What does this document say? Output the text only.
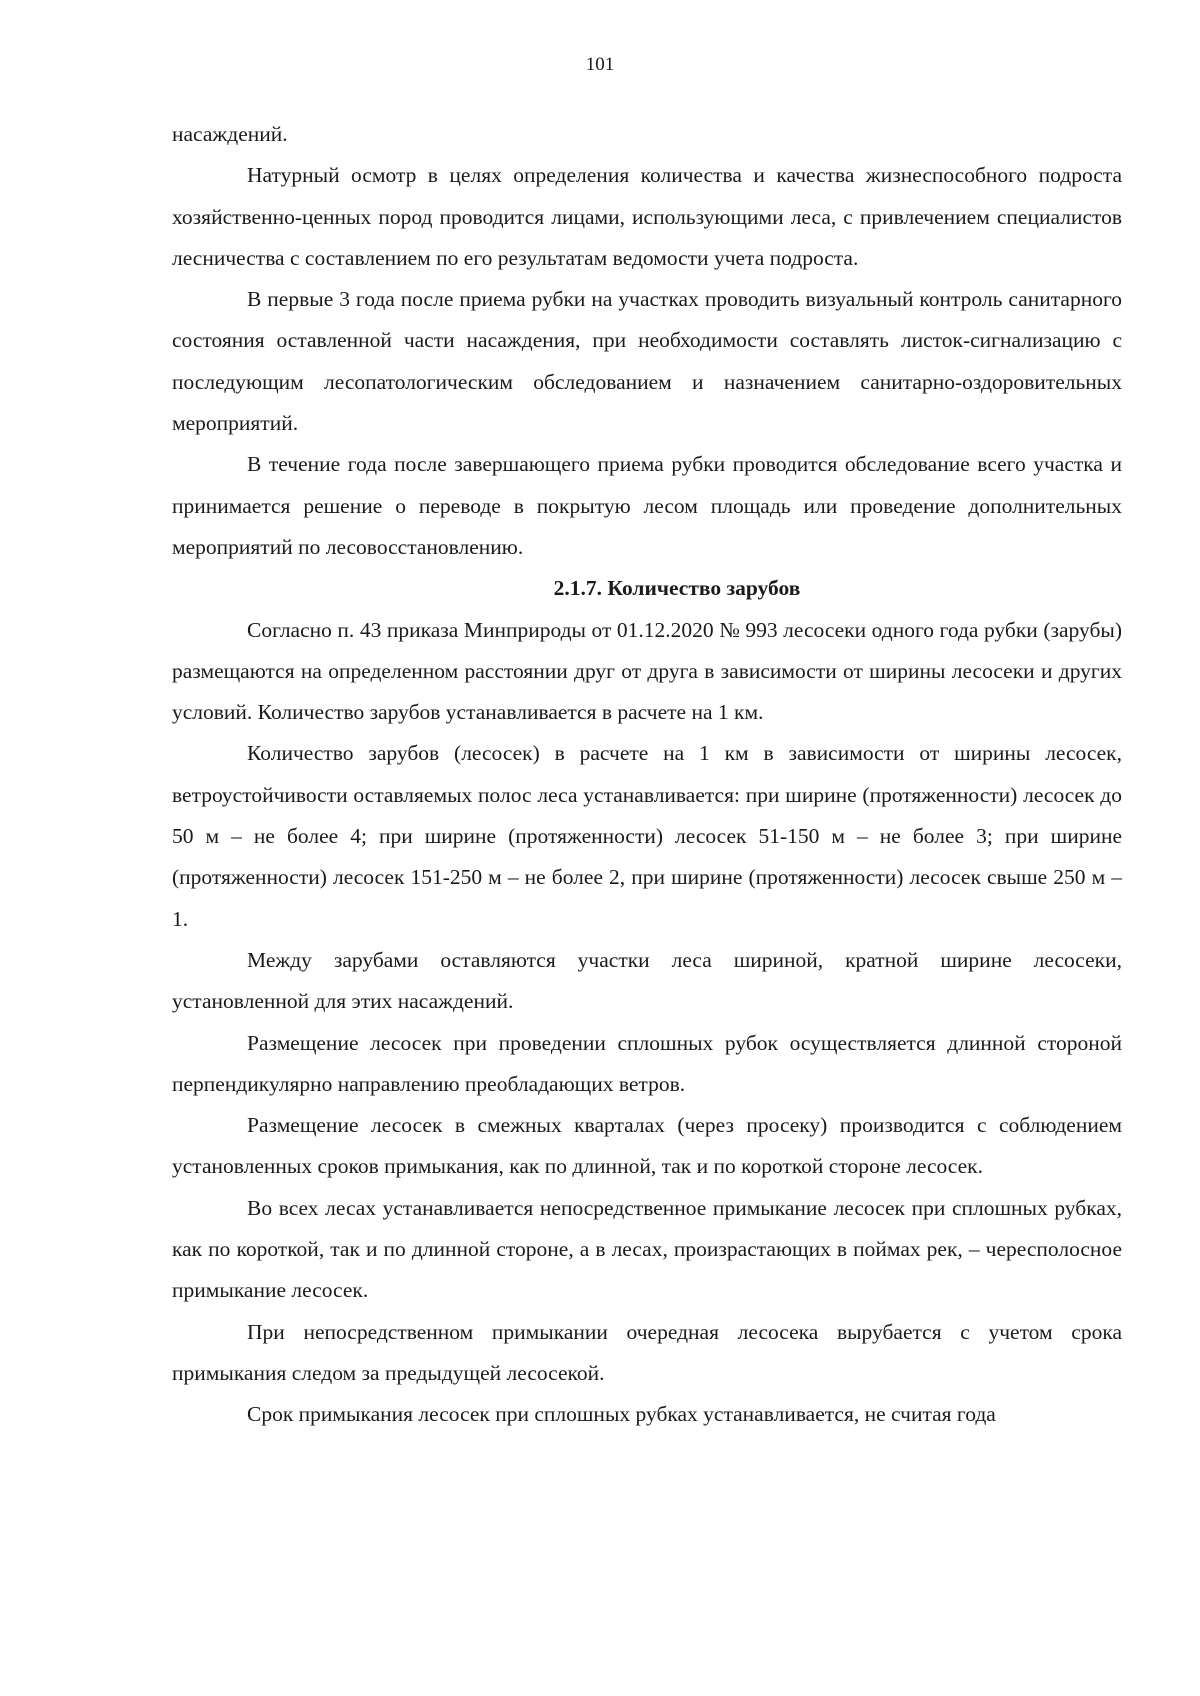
101

насаждений.

Натурный осмотр в целях определения количества и качества жизнеспособного подроста хозяйственно-ценных пород проводится лицами, использующими леса, с привлечением специалистов лесничества с составлением по его результатам ведомости учета подроста.

В первые 3 года после приема рубки на участках проводить визуальный контроль санитарного состояния оставленной части насаждения, при необходимости составлять листок-сигнализацию с последующим лесопатологическим обследованием и назначением санитарно-оздоровительных мероприятий.

В течение года после завершающего приема рубки проводится обследование всего участка и принимается решение о переводе в покрытую лесом площадь или проведение дополнительных мероприятий по лесовосстановлению.

2.1.7. Количество зарубов

Согласно п. 43 приказа Минприроды от 01.12.2020 № 993 лесосеки одного года рубки (зарубы) размещаются на определенном расстоянии друг от друга в зависимости от ширины лесосеки и других условий. Количество зарубов устанавливается в расчете на 1 км.

Количество зарубов (лесосек) в расчете на 1 км в зависимости от ширины лесосек, ветроустойчивости оставляемых полос леса устанавливается: при ширине (протяженности) лесосек до 50 м – не более 4; при ширине (протяженности) лесосек 51-150 м – не более 3; при ширине (протяженности) лесосек 151-250 м – не более 2, при ширине (протяженности) лесосек свыше 250 м – 1.

Между зарубами оставляются участки леса шириной, кратной ширине лесосеки, установленной для этих насаждений.

Размещение лесосек при проведении сплошных рубок осуществляется длинной стороной перпендикулярно направлению преобладающих ветров.

Размещение лесосек в смежных кварталах (через просеку) производится с соблюдением установленных сроков примыкания, как по длинной, так и по короткой стороне лесосек.

Во всех лесах устанавливается непосредственное примыкание лесосек при сплошных рубках, как по короткой, так и по длинной стороне, а в лесах, произрастающих в поймах рек, – чересполосное примыкание лесосек.

При непосредственном примыкании очередная лесосека вырубается с учетом срока примыкания следом за предыдущей лесосекой.

Срок примыкания лесосек при сплошных рубках устанавливается, не считая года
